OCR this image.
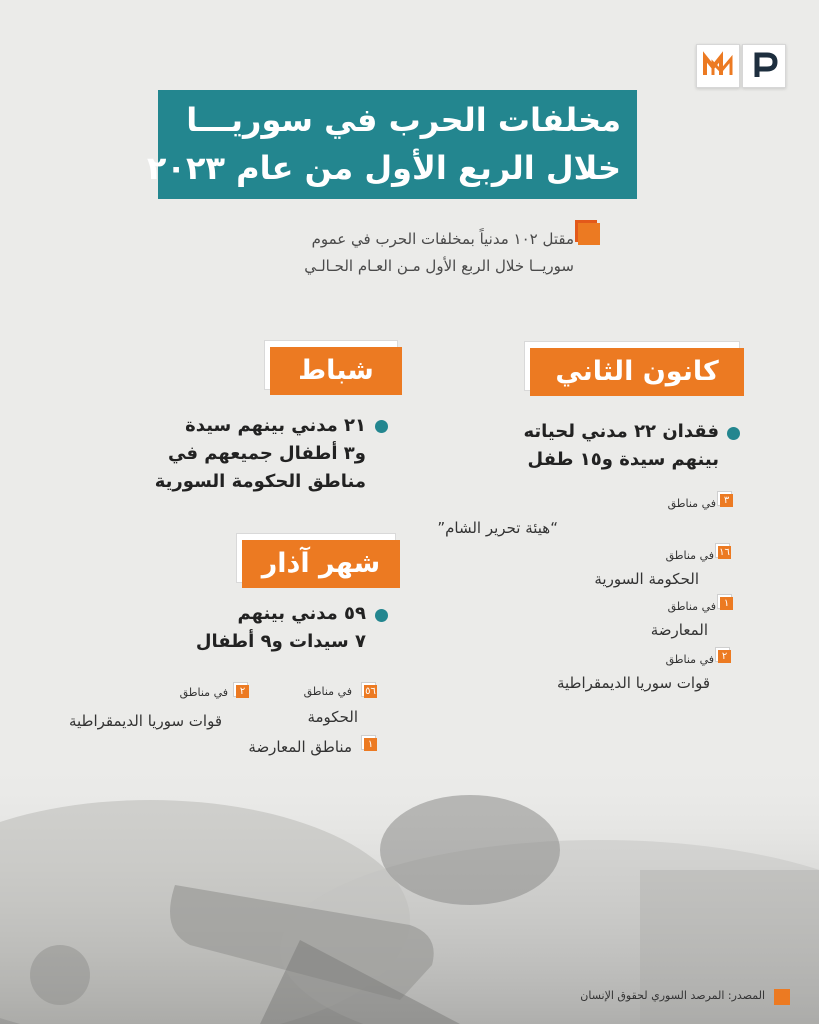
مخلفات الحرب في سوريـــا
خلال الربع الأول من عام ٢٠٢٣
مقتل ١٠٢ مدنياً بمخلفات الحرب في عموم
سوريــا خلال الربع الأول مـن العـام الحـالـي
كانون الثاني
فقدان ٢٢ مدني لحياته
بينهم سيدة و١٥ طفل
٣
في مناطق
“هيئة تحرير الشام”
١٦
في مناطق
الحكومة السورية
١
في مناطق
المعارضة
٢
في مناطق
قوات سوريا الديمقراطية
شباط
٢١ مدني بينهم سيدة
و٣ أطفال جميعهم في
مناطق الحكومة السورية
شهر آذار
٥٩ مدني بينهم
٧ سيدات و٩ أطفال
٥٦
في مناطق
الحكومة
٢
في مناطق
قوات سوريا الديمقراطية
١
مناطق المعارضة
المصدر: المرصد السوري لحقوق الإنسان
